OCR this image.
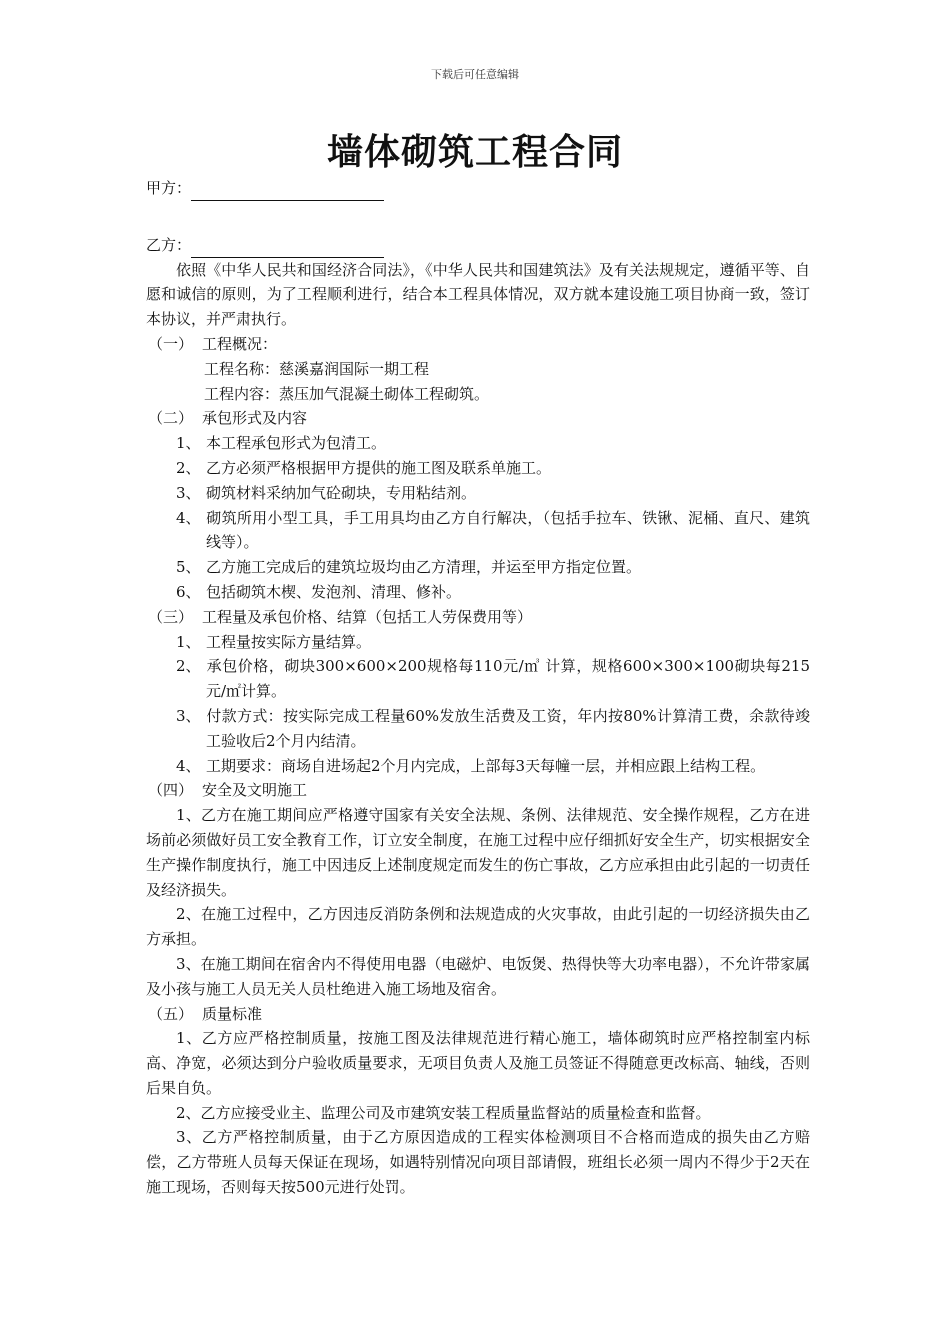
下载后可任意编辑
墙体砌筑工程合同
甲方：
乙方：

依照《中华人民共和国经济合同法》，《中华人民共和国建筑法》及有关法规规定，遵循平等、自愿和诚信的原则，为了工程顺利进行，结合本工程具体情况，双方就本建设施工项目协商一致，签订本协议，并严肃执行。

（一） 工程概况：
工程名称：慈溪嘉润国际一期工程
工程内容：蒸压加气混凝土砌体工程砌筑。
（二） 承包形式及内容

1、 本工程承包形式为包清工。

2、 乙方必须严格根据甲方提供的施工图及联系单施工。

3、 砌筑材料采纳加气砼砌块，专用粘结剂。

4、 砌筑所用小型工具，手工用具均由乙方自行解决，（包括手拉车、铁锹、泥桶、直尺、建筑线等）。

5、 乙方施工完成后的建筑垃圾均由乙方清理，并运至甲方指定位置。

6、 包括砌筑木楔、发泡剂、清理、修补。

（三） 工程量及承包价格、结算（包括工人劳保费用等）

1、 工程量按实际方量结算。

2、 承包价格，砌块300×600×200规格每110元/㎥ 计算，规格600×300×100砌块每215元/㎡计算。

3、 付款方式：按实际完成工程量60%发放生活费及工资，年内按80%计算清工费，余款待竣工验收后2个月内结清。

4、 工期要求：商场自进场起2个月内完成，上部每3天每幢一层，并相应跟上结构工程。

（四） 安全及文明施工

1、乙方在施工期间应严格遵守国家有关安全法规、条例、法律规范、安全操作规程，乙方在进场前必须做好员工安全教育工作，订立安全制度，在施工过程中应仔细抓好安全生产，切实根据安全生产操作制度执行，施工中因违反上述制度规定而发生的伤亡事故，乙方应承担由此引起的一切责任及经济损失。

2、在施工过程中，乙方因违反消防条例和法规造成的火灾事故，由此引起的一切经济损失由乙方承担。

3、在施工期间在宿舍内不得使用电器（电磁炉、电饭煲、热得快等大功率电器），不允许带家属及小孩与施工人员无关人员杜绝进入施工场地及宿舍。

（五） 质量标准

1、乙方应严格控制质量，按施工图及法律规范进行精心施工，墙体砌筑时应严格控制室内标高、净宽，必须达到分户验收质量要求，无项目负责人及施工员签证不得随意更改标高、轴线，否则后果自负。

2、乙方应接受业主、监理公司及市建筑安装工程质量监督站的质量检查和监督。

3、乙方严格控制质量，由于乙方原因造成的工程实体检测项目不合格而造成的损失由乙方赔偿，乙方带班人员每天保证在现场，如遇特别情况向项目部请假，班组长必须一周内不得少于2天在施工现场，否则每天按500元进行处罚。
